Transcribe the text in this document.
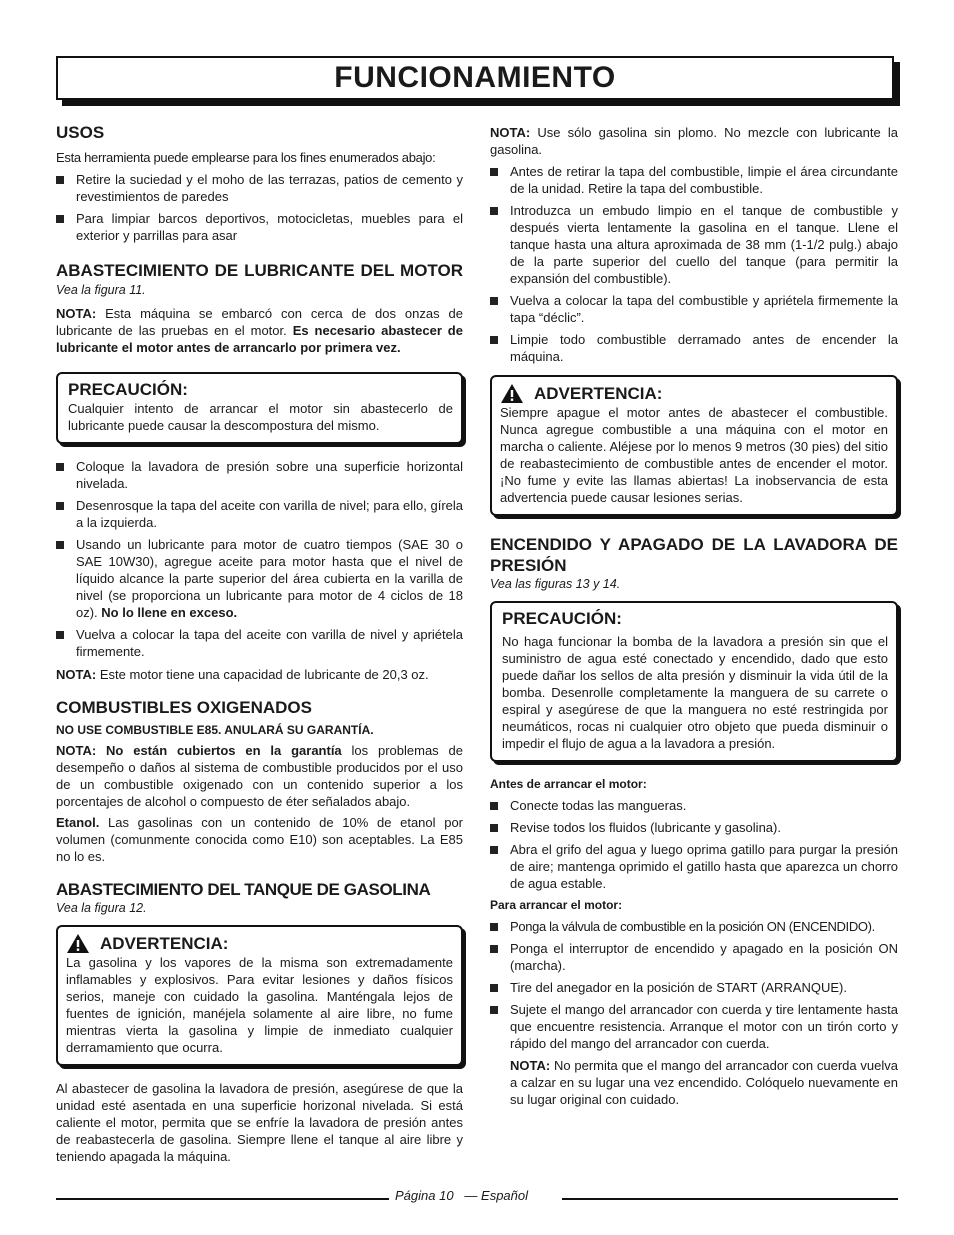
FUNCIONAMIENTO
USOS

Esta herramienta puede emplearse para los fines enumerados abajo:

Retire la suciedad y el moho de las terrazas, patios de cemento y revestimientos de paredes
Para limpiar barcos deportivos, motocicletas, muebles para el exterior y parrillas para asar
ABASTECIMIENTO DE LUBRICANTE DEL MOTOR

Vea la figura 11.

NOTA: Esta máquina se embarcó con cerca de dos onzas de lubricante de las pruebas en el motor. Es necesario abastecer de lubricante el motor antes de arrancarlo por primera vez.

PRECAUCIÓN:

Cualquier intento de arrancar el motor sin abastecerlo de lubricante puede causar la descompostura del mismo.

Coloque la lavadora de presión sobre una superficie horizontal nivelada.
Desenrosque la tapa del aceite con varilla de nivel; para ello, gírela a la izquierda.
Usando un lubricante para motor de cuatro tiempos (SAE 30 o SAE 10W30), agregue aceite para motor hasta que el nivel de líquido alcance la parte superior del área cubierta en la varilla de nivel (se proporciona un lubricante para motor de 4 ciclos de 18 oz). No lo llene en exceso.
Vuelva a colocar la tapa del aceite con varilla de nivel y apriétela firmemente.

NOTA: Este motor tiene una capacidad de lubricante de 20,3 oz.

COMBUSTIBLES OXIGENADOS

NO USE COMBUSTIBLE E85. ANULARÁ SU GARANTÍA.

NOTA: No están cubiertos en la garantía los problemas de desempeño o daños al sistema de combustible producidos por el uso de un combustible oxigenado con un contenido superior a los porcentajes de alcohol o compuesto de éter señalados abajo.

Etanol. Las gasolinas con un contenido de 10% de etanol por volumen (comunmente conocida como E10) son aceptables. La E85 no lo es.

ABASTECIMIENTO DEL TANQUE DE GASOLINA

Vea la figura 12.

ADVERTENCIA:

La gasolina y los vapores de la misma son extremadamente inflamables y explosivos. Para evitar lesiones y daños físicos serios, maneje con cuidado la gasolina. Manténgala lejos de fuentes de ignición, manéjela solamente al aire libre, no fume mientras vierta la gasolina y limpie de inmediato cualquier derramamiento que ocurra.

Al abastecer de gasolina la lavadora de presión, asegúrese de que la unidad esté asentada en una superficie horizonal nivelada. Si está caliente el motor, permita que se enfríe la lavadora de presión antes de reabastecerla de gasolina. Siempre llene el tanque al aire libre y teniendo apagada la máquina.

NOTA: Use sólo gasolina sin plomo. No mezcle con lubricante la gasolina.

Antes de retirar la tapa del combustible, limpie el área circundante de la unidad. Retire la tapa del combustible.
Introduzca un embudo limpio en el tanque de combustible y después vierta lentamente la gasolina en el tanque. Llene el tanque hasta una altura aproximada de 38 mm (1-1/2 pulg.) abajo de la parte superior del cuello del tanque (para permitir la expansión del combustible).
Vuelva a colocar la tapa del combustible y apriétela firmemente la tapa “déclic”.
Limpie todo combustible derramado antes de encender la máquina.
ADVERTENCIA:

Siempre apague el motor antes de abastecer el combustible. Nunca agregue combustible a una máquina con el motor en marcha o caliente. Aléjese por lo menos 9 metros (30 pies) del sitio de reabastecimiento de combustible antes de encender el motor. ¡No fume y evite las llamas abiertas! La inobservancia de esta advertencia puede causar lesiones serias.

ENCENDIDO Y APAGADO DE LA LAVADORA DE PRESIÓN

Vea las figuras 13 y 14.

PRECAUCIÓN:

No haga funcionar la bomba de la lavadora a presión sin que el suministro de agua esté conectado y encendido, dado que esto puede dañar los sellos de alta presión y disminuir la vida útil de la bomba. Desenrolle completamente la manguera de su carrete o espiral y asegúrese de que la manguera no esté restringida por neumáticos, rocas ni cualquier otro objeto que pueda disminuir o impedir el flujo de agua a la lavadora a presión.

Antes de arrancar el motor:

Conecte todas las mangueras.
Revise todos los fluidos (lubricante y gasolina).
Abra el grifo del agua y luego oprima gatillo para purgar la presión de aire; mantenga oprimido el gatillo hasta que aparezca un chorro de agua estable.

Para arrancar el motor:

Ponga la válvula de combustible en la posición ON (ENCENDIDO).
Ponga el interruptor de encendido y apagado en la posición ON (marcha).
Tire del anegador en la posición de START (ARRANQUE).
Sujete el mango del arrancador con cuerda y tire lentamente hasta que encuentre resistencia. Arranque el motor con un tirón corto y rápido del mango del arrancador con cuerda.

NOTA: No permita que el mango del arrancador con cuerda vuelva a calzar en su lugar una vez encendido. Colóquelo nuevamente en su lugar original con cuidado.

Página 10 — Español
